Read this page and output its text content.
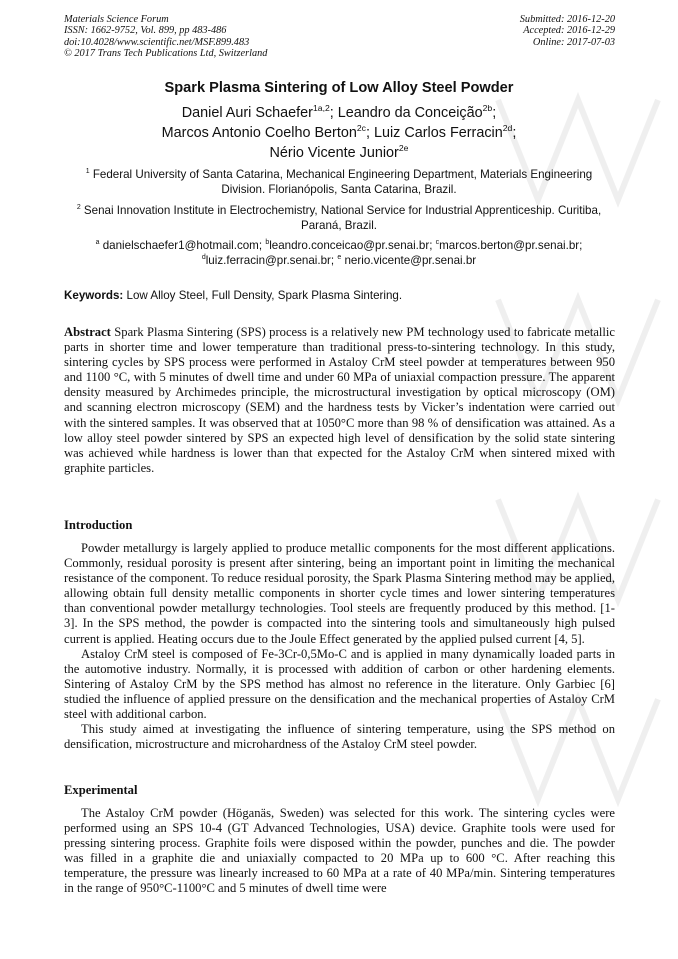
Materials Science Forum
ISSN: 1662-9752, Vol. 899, pp 483-486
doi:10.4028/www.scientific.net/MSF.899.483
© 2017 Trans Tech Publications Ltd, Switzerland
Submitted: 2016-12-20
Accepted: 2016-12-29
Online: 2017-07-03
Spark Plasma Sintering of Low Alloy Steel Powder
Daniel Auri Schaefer$^{1a,2}$; Leandro da Conceição$^{2b}$;
Marcos Antonio Coelho Berton$^{2c}$; Luiz Carlos Ferracin$^{2d}$;
Nério Vicente Junior$^{2e}$
$^1$ Federal University of Santa Catarina, Mechanical Engineering Department, Materials Engineering Division. Florianópolis, Santa Catarina, Brazil.
$^2$ Senai Innovation Institute in Electrochemistry, National Service for Industrial Apprenticeship. Curitiba, Paraná, Brazil.
$^a$ danielschaefer1@hotmail.com; $^b$leandro.conceicao@pr.senai.br; $^c$marcos.berton@pr.senai.br;
$^d$luiz.ferracin@pr.senai.br; $^e$ nerio.vicente@pr.senai.br
Keywords: Low Alloy Steel, Full Density, Spark Plasma Sintering.

Abstract Spark Plasma Sintering (SPS) process is a relatively new PM technology used to fabricate metallic parts in shorter time and lower temperature than traditional press-to-sintering technology. In this study, sintering cycles by SPS process were performed in Astaloy CrM steel powder at temperatures between 950 and 1100 °C, with 5 minutes of dwell time and under 60 MPa of uniaxial compaction pressure. The apparent density measured by Archimedes principle, the microstructural investigation by optical microscopy (OM) and scanning electron microscopy (SEM) and the hardness tests by Vicker’s indentation were carried out with the sintered samples. It was observed that at 1050°C more than 98 % of densification was attained. As a low alloy steel powder sintered by SPS an expected high level of densification by the solid state sintering was achieved while hardness is lower than that expected for the Astaloy CrM when sintered mixed with graphite particles.

Introduction

Powder metallurgy is largely applied to produce metallic components for the most different applications. Commonly, residual porosity is present after sintering, being an important point in limiting the mechanical resistance of the component. To reduce residual porosity, the Spark Plasma Sintering method may be applied, allowing obtain full density metallic components in shorter cycle times and lower sintering temperatures than conventional powder metallurgy technologies. Tool steels are frequently produced by this method. [1-3]. In the SPS method, the powder is compacted into the sintering tools and simultaneously high pulsed current is applied. Heating occurs due to the Joule Effect generated by the applied pulsed current [4, 5].

Astaloy CrM steel is composed of Fe-3Cr-0,5Mo-C and is applied in many dynamically loaded parts in the automotive industry. Normally, it is processed with addition of carbon or other hardening elements. Sintering of Astaloy CrM by the SPS method has almost no reference in the literature. Only Garbiec [6] studied the influence of applied pressure on the densification and the mechanical properties of Astaloy CrM steel with additional carbon.

This study aimed at investigating the influence of sintering temperature, using the SPS method on densification, microstructure and microhardness of the Astaloy CrM steel powder.

Experimental

The Astaloy CrM powder (Höganäs, Sweden) was selected for this work. The sintering cycles were performed using an SPS 10-4 (GT Advanced Technologies, USA) device. Graphite tools were used for pressing sintering process. Graphite foils were disposed within the powder, punches and die. The powder was filled in a graphite die and uniaxially compacted to 20 MPa up to 600 °C. After reaching this temperature, the pressure was linearly increased to 60 MPa at a rate of 40 MPa/min. Sintering temperatures in the range of 950°C-1100°C and 5 minutes of dwell time were
